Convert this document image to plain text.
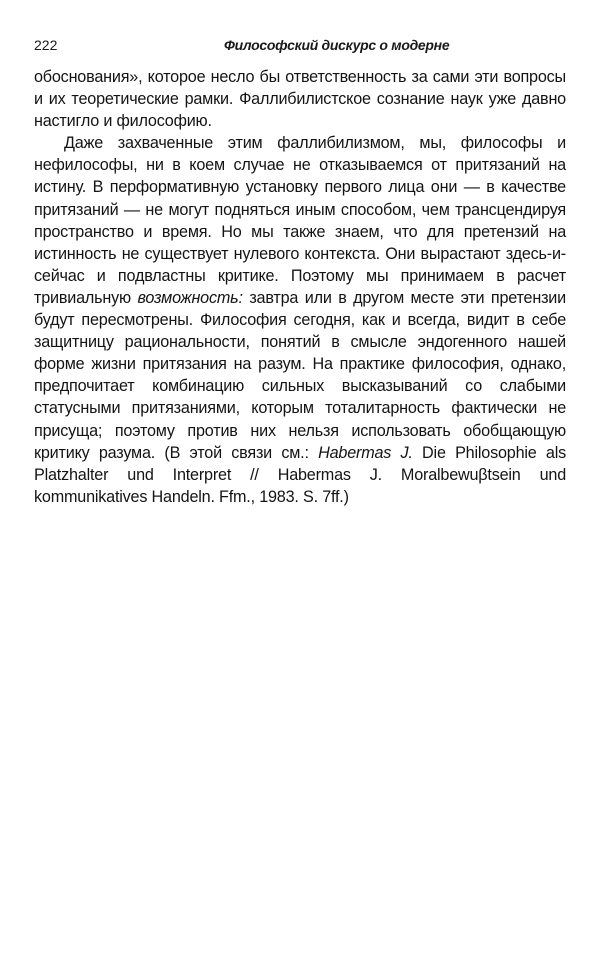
222	Философский дискурс о модерне

обоснования», которое несло бы ответственность за сами эти вопросы и их теоретические рамки. Фаллибилистское сознание наук уже давно настигло и философию.

Даже захваченные этим фаллибилизмом, мы, философы и нефилософы, ни в коем случае не отказываемся от притязаний на истину. В перформативную установку первого лица они — в качестве притязаний — не могут подняться иным способом, чем трансцендируя пространство и время. Но мы также знаем, что для претензий на истинность не существует нулевого контекста. Они вырастают здесь-и-сейчас и подвластны критике. Поэтому мы принимаем в расчет тривиальную возможность: завтра или в другом месте эти претензии будут пересмотрены. Философия сегодня, как и всегда, видит в себе защитницу рациональности, понятий в смысле эндогенного нашей форме жизни притязания на разум. На практике философия, однако, предпочитает комбинацию сильных высказываний со слабыми статусными притязаниями, которым тоталитарность фактически не присуща; поэтому против них нельзя использовать обобщающую критику разума. (В этой связи см.: Habermas J. Die Philosophie als Platzhalter und Interpret // Habermas J. Moralbewuβtsein und kommunikatives Handeln. Ffm., 1983. S. 7ff.)
